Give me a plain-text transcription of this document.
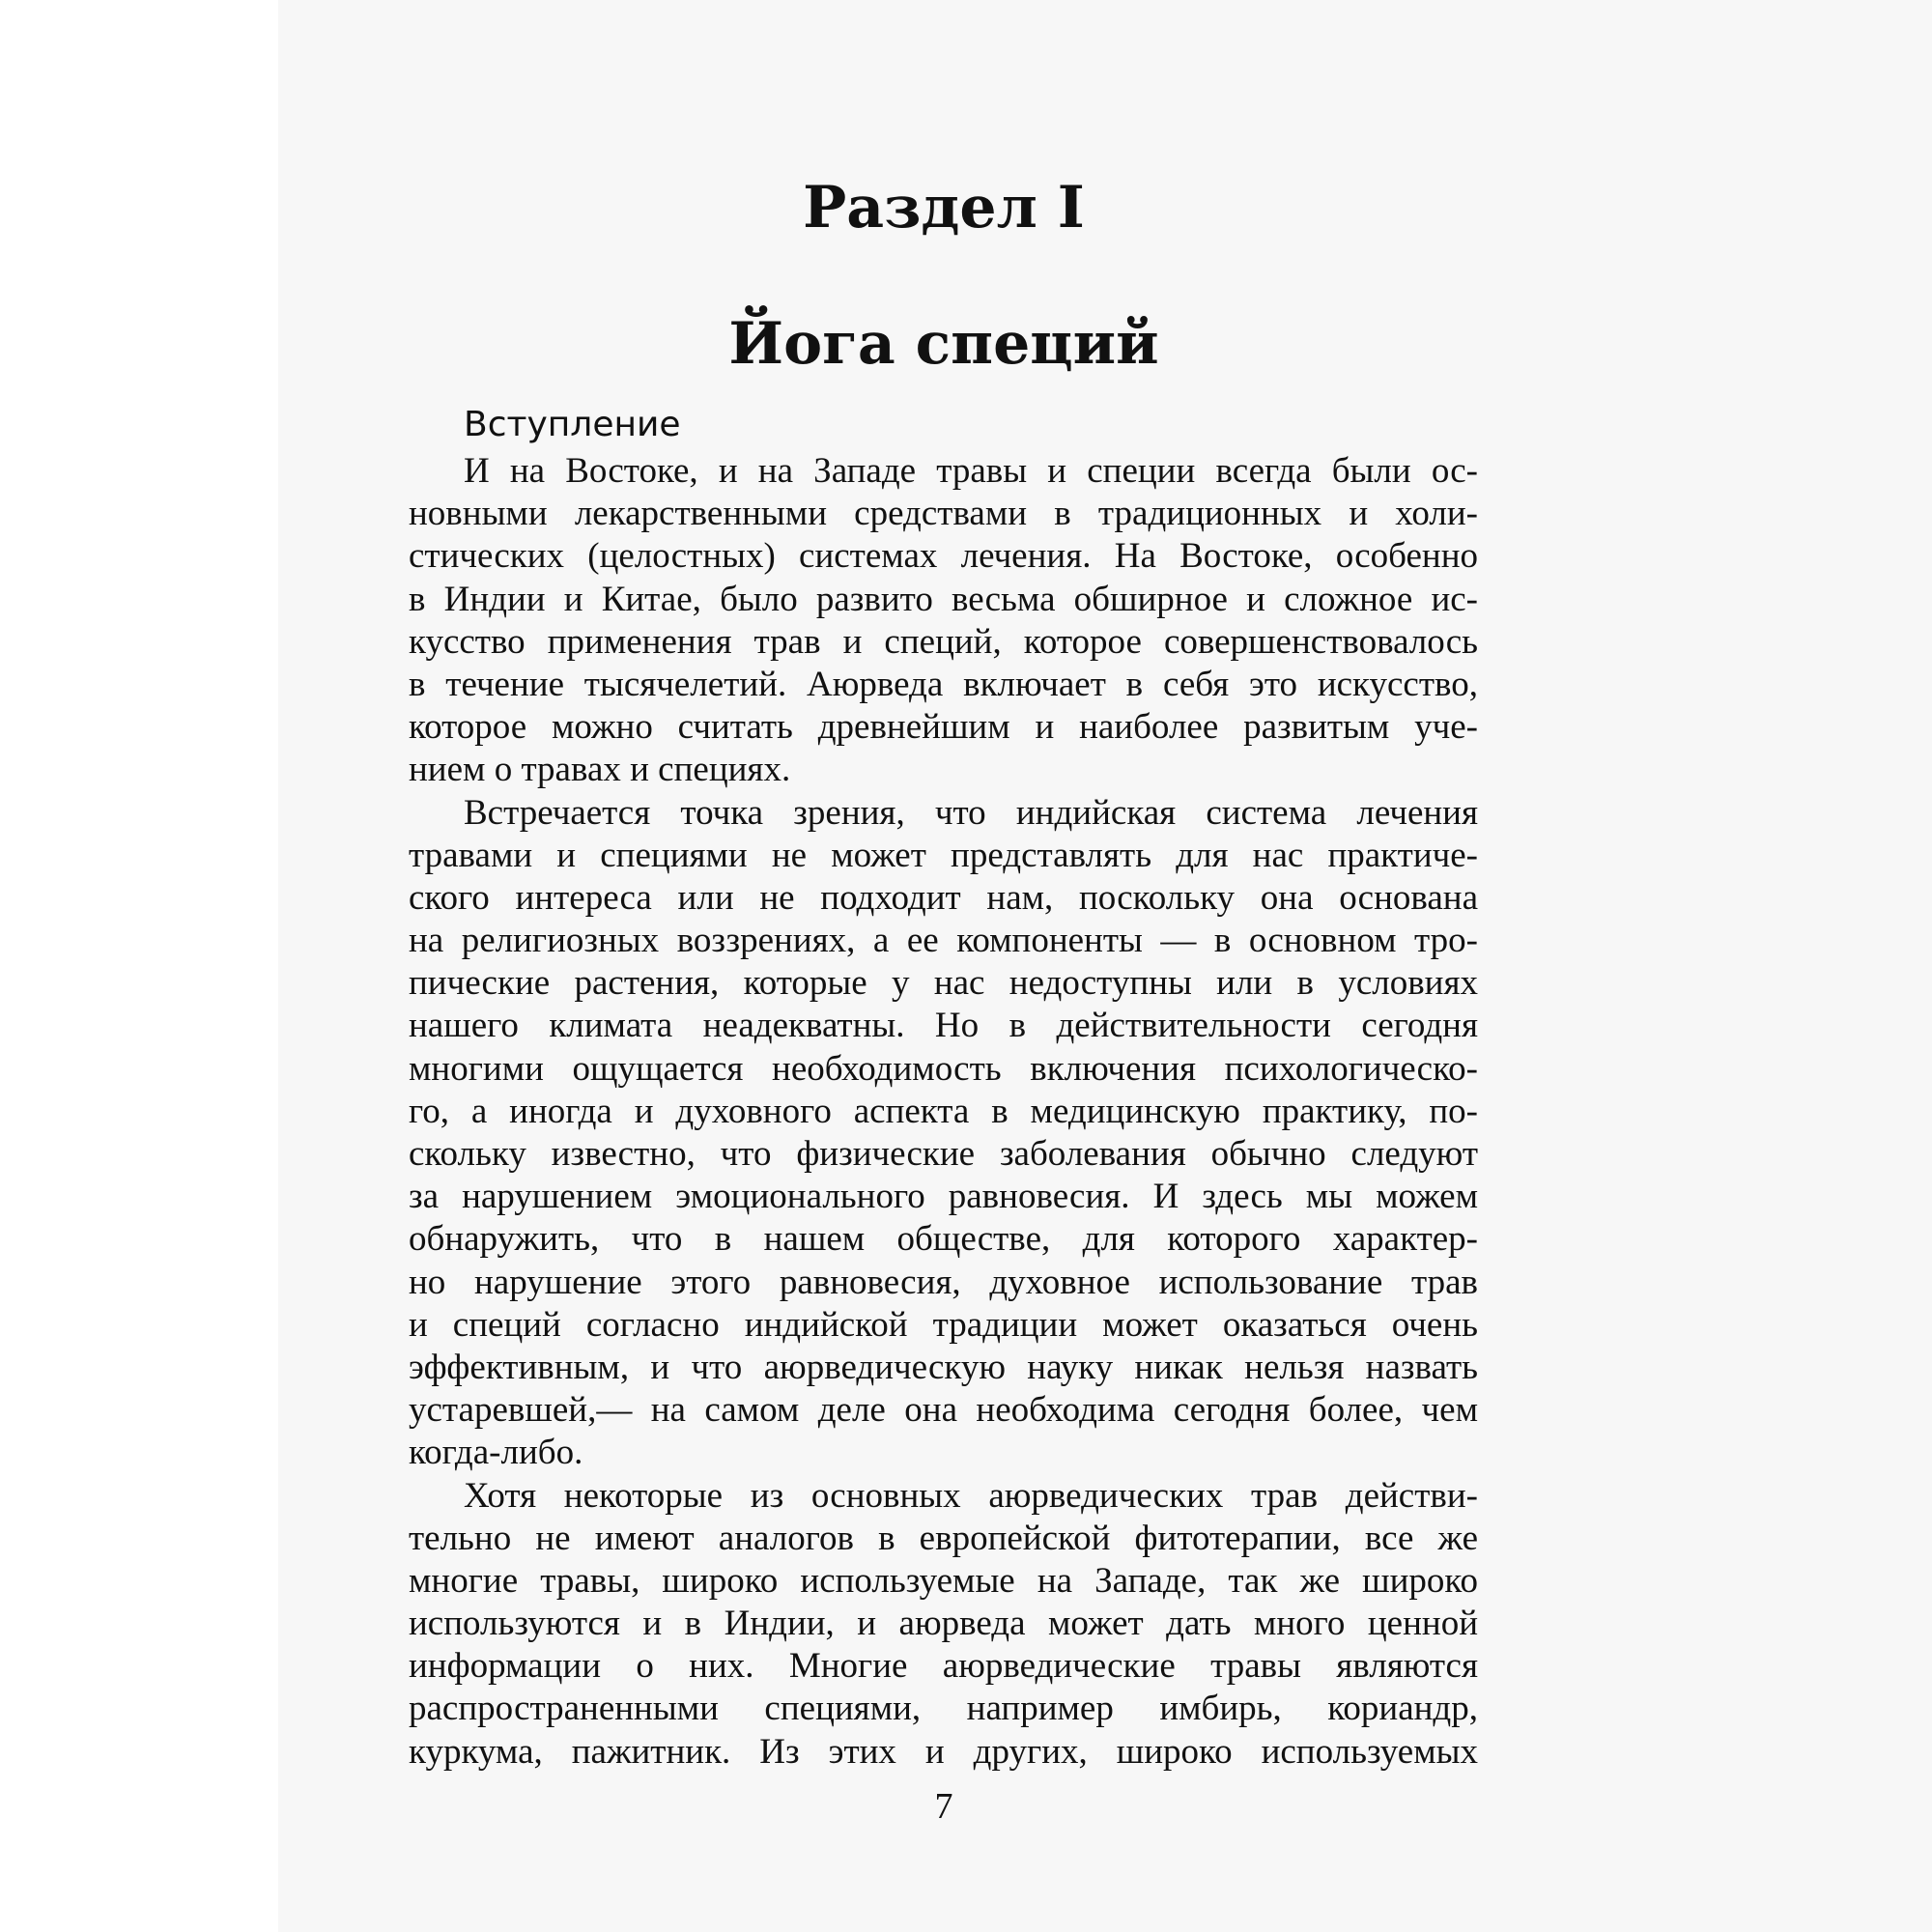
Раздел I
Йога специй
Вступление
И на Востоке, и на Западе травы и специи всегда были ос-
новными лекарственными средствами в традиционных и холи-
стических (целостных) системах лечения. На Востоке, особенно
в Индии и Китае, было развито весьма обширное и сложное ис-
кусство применения трав и специй, которое совершенствовалось
в течение тысячелетий. Аюрведа включает в себя это искусство,
которое можно считать древнейшим и наиболее развитым уче-
нием о травах и специях.
Встречается точка зрения, что индийская система лечения
травами и специями не может представлять для нас практиче-
ского интереса или не подходит нам, поскольку она основана
на религиозных воззрениях, а ее компоненты — в основном тро-
пические растения, которые у нас недоступны или в условиях
нашего климата неадекватны. Но в действительности сегодня
многими ощущается необходимость включения психологическо-
го, а иногда и духовного аспекта в медицинскую практику, по-
скольку известно, что физические заболевания обычно следуют
за нарушением эмоционального равновесия. И здесь мы можем
обнаружить, что в нашем обществе, для которого характер-
но нарушение этого равновесия, духовное использование трав
и специй согласно индийской традиции может оказаться очень
эффективным, и что аюрведическую науку никак нельзя назвать
устаревшей,— на самом деле она необходима сегодня более, чем
когда-либо.
Хотя некоторые из основных аюрведических трав действи-
тельно не имеют аналогов в европейской фитотерапии, все же
многие травы, широко используемые на Западе, так же широко
используются и в Индии, и аюрведа может дать много ценной
информации о них. Многие аюрведические травы являются
распространенными специями, например имбирь, кориандр,
куркума, пажитник. Из этих и других, широко используемых
7
